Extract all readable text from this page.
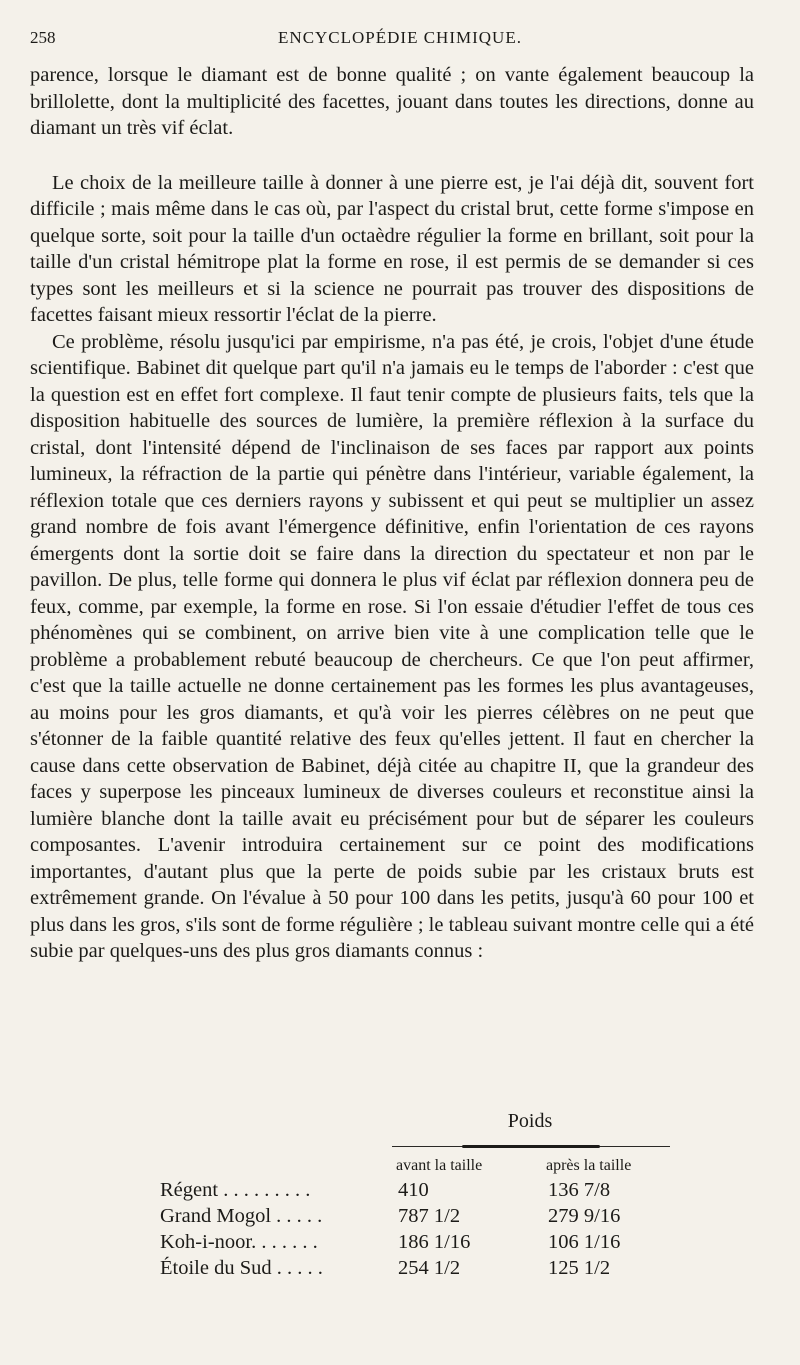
258	ENCYCLOPÉDIE CHIMIQUE.

parence, lorsque le diamant est de bonne qualité ; on vante également beaucoup la brillolette, dont la multiplicité des facettes, jouant dans toutes les directions, donne au diamant un très vif éclat.

Le choix de la meilleure taille à donner à une pierre est, je l'ai déjà dit, souvent fort difficile ; mais même dans le cas où, par l'aspect du cristal brut, cette forme s'impose en quelque sorte, soit pour la taille d'un octaèdre régulier la forme en brillant, soit pour la taille d'un cristal hémitrope plat la forme en rose, il est permis de se demander si ces types sont les meilleurs et si la science ne pourrait pas trouver des dispositions de facettes faisant mieux ressortir l'éclat de la pierre.

Ce problème, résolu jusqu'ici par empirisme, n'a pas été, je crois, l'objet d'une étude scientifique. Babinet dit quelque part qu'il n'a jamais eu le temps de l'aborder : c'est que la question est en effet fort complexe. Il faut tenir compte de plusieurs faits, tels que la disposition habituelle des sources de lumière, la première réflexion à la surface du cristal, dont l'intensité dépend de l'inclinaison de ses faces par rapport aux points lumineux, la réfraction de la partie qui pénètre dans l'intérieur, variable également, la réflexion totale que ces derniers rayons y subissent et qui peut se multiplier un assez grand nombre de fois avant l'émergence définitive, enfin l'orientation de ces rayons émergents dont la sortie doit se faire dans la direction du spectateur et non par le pavillon. De plus, telle forme qui donnera le plus vif éclat par réflexion donnera peu de feux, comme, par exemple, la forme en rose. Si l'on essaie d'étudier l'effet de tous ces phénomènes qui se combinent, on arrive bien vite à une complication telle que le problème a probablement rebuté beaucoup de chercheurs. Ce que l'on peut affirmer, c'est que la taille actuelle ne donne certainement pas les formes les plus avantageuses, au moins pour les gros diamants, et qu'à voir les pierres célèbres on ne peut que s'étonner de la faible quantité relative des feux qu'elles jettent. Il faut en chercher la cause dans cette observation de Babinet, déjà citée au chapitre II, que la grandeur des faces y superpose les pinceaux lumineux de diverses couleurs et reconstitue ainsi la lumière blanche dont la taille avait eu précisément pour but de séparer les couleurs composantes. L'avenir introduira certainement sur ce point des modifications importantes, d'autant plus que la perte de poids subie par les cristaux bruts est extrêmement grande. On l'évalue à 50 pour 100 dans les petits, jusqu'à 60 pour 100 et plus dans les gros, s'ils sont de forme régulière ; le tableau suivant montre celle qui a été subie par quelques-uns des plus gros diamants connus :

Poids
avant la taille	après la taille
Régent . . . . . . . . .	410	136 7/8
Grand Mogol . . . . .	787 1/2	279 9/16
Koh-i-noor. . . . . . .	186 1/16	106 1/16
Étoile du Sud . . . . .	254 1/2	125 1/2
